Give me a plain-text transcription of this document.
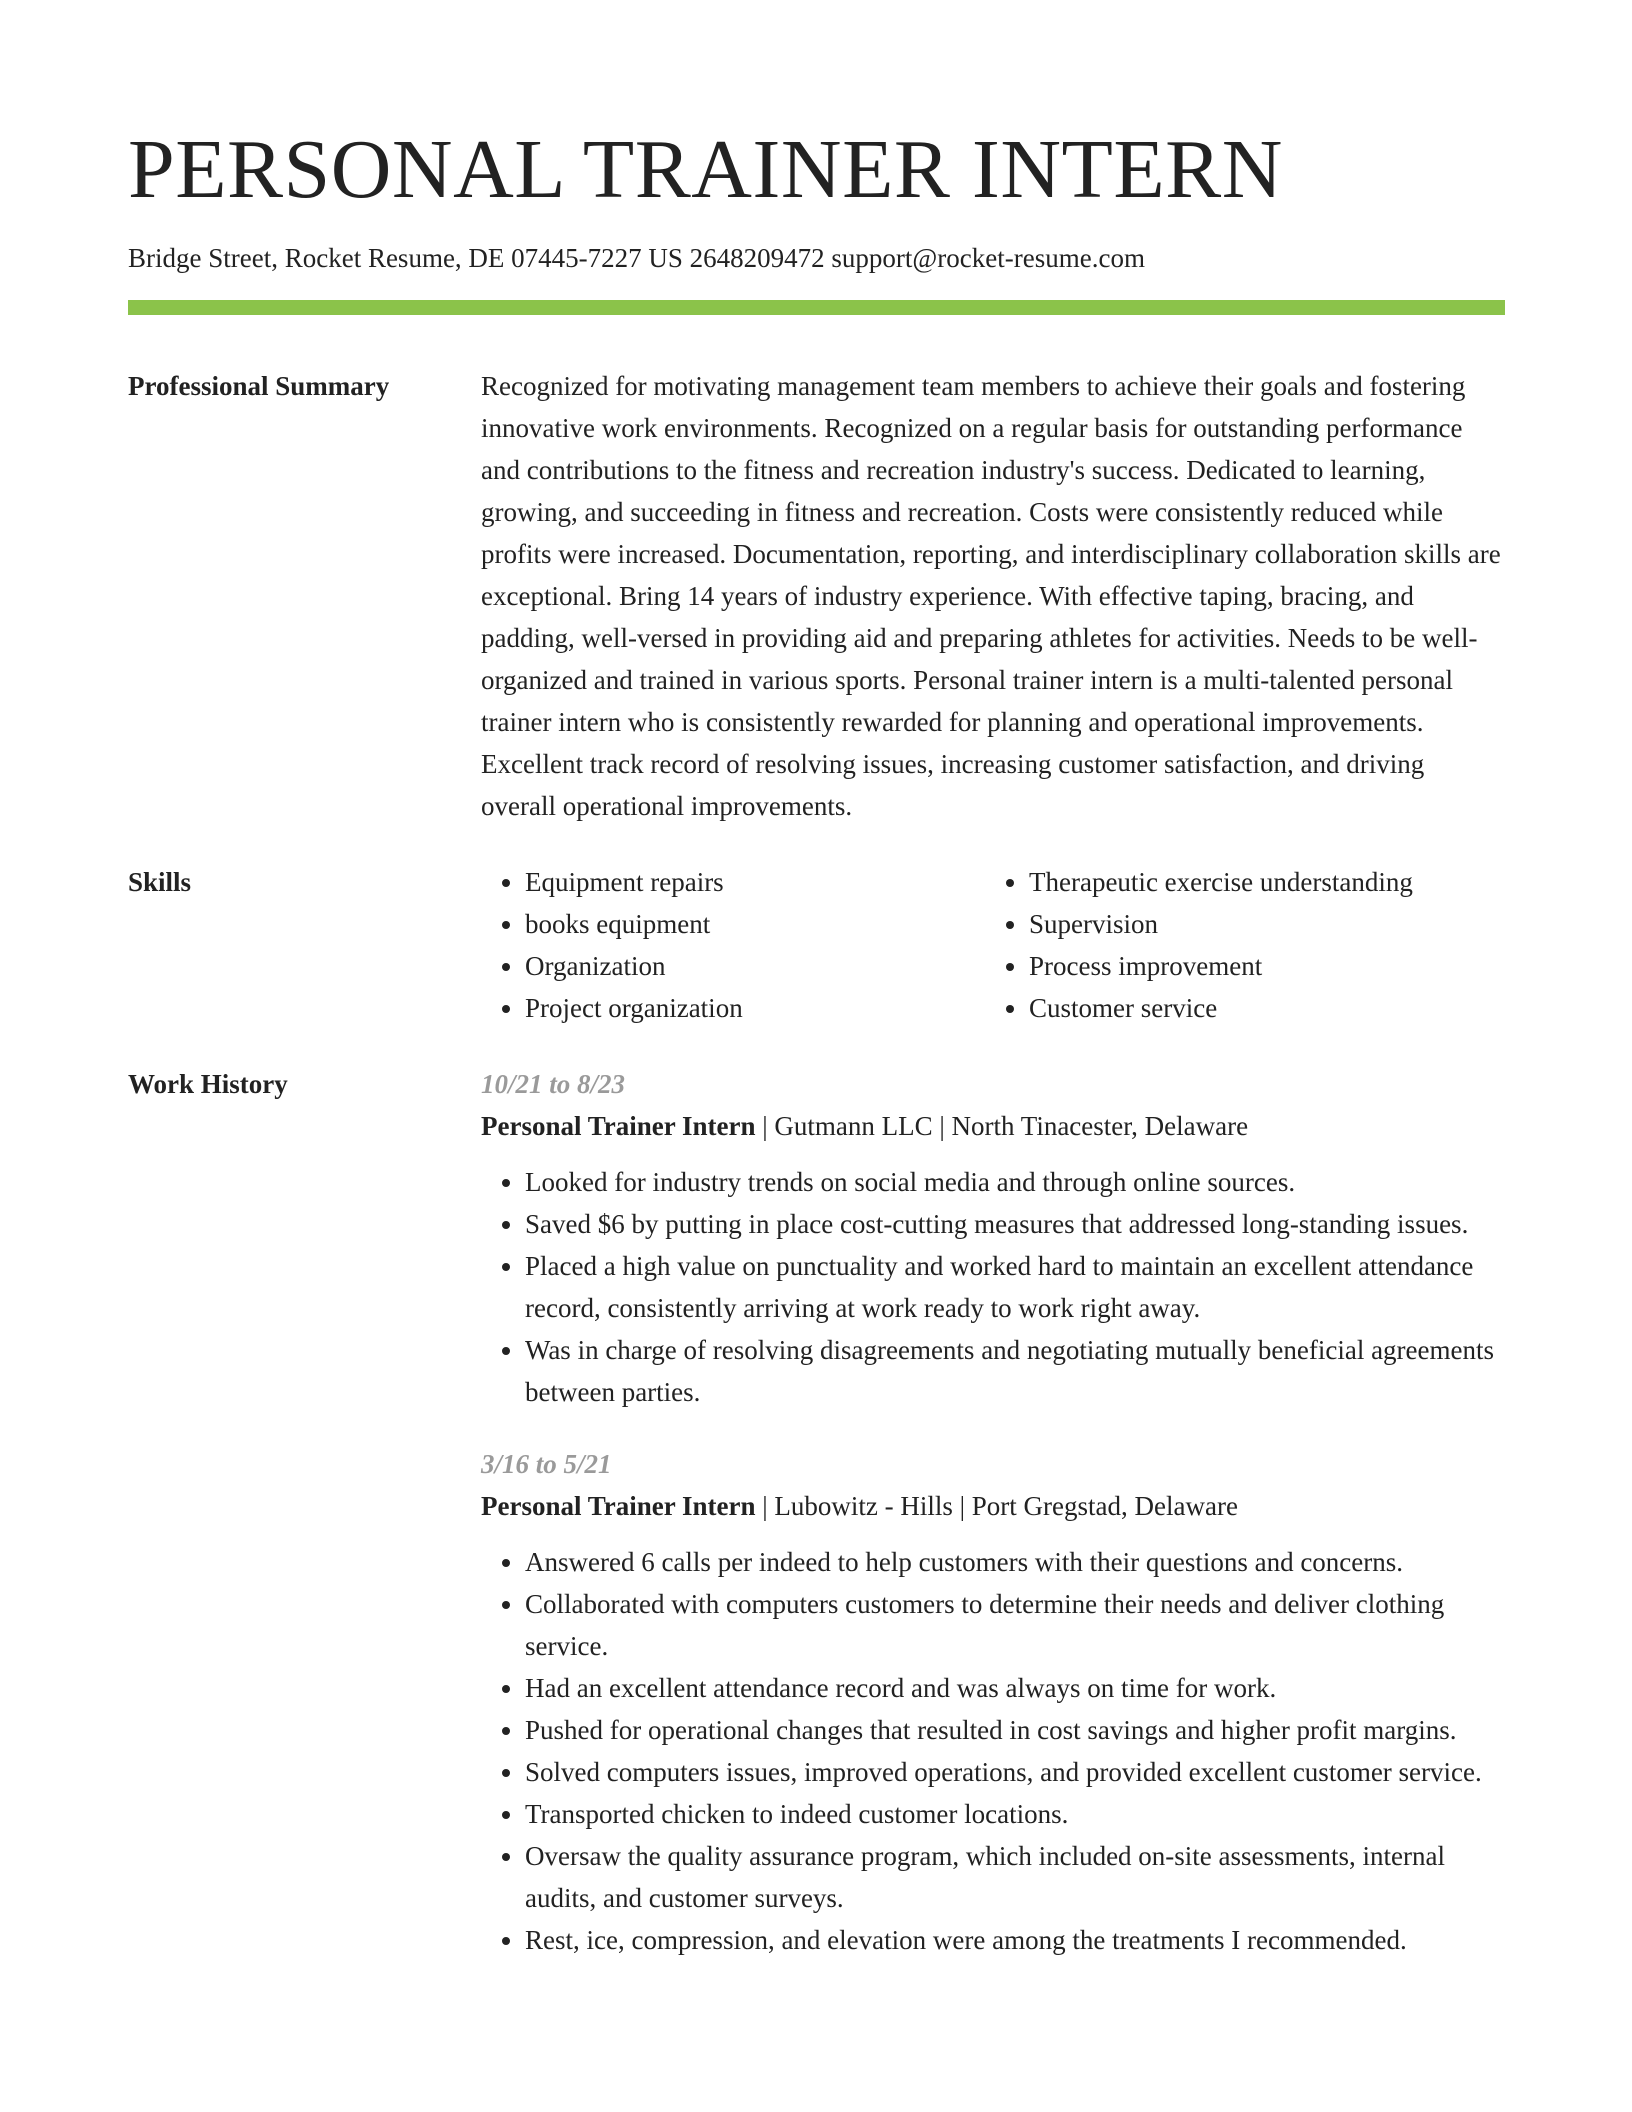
PERSONAL TRAINER INTERN
Bridge Street, Rocket Resume, DE 07445-7227 US 2648209472 support@rocket-resume.com
Professional Summary	Recognized for motivating management team members to achieve their goals and fostering innovative work environments. Recognized on a regular basis for outstanding performance and contributions to the fitness and recreation industry's success. Dedicated to learning, growing, and succeeding in fitness and recreation. Costs were consistently reduced while profits were increased. Documentation, reporting, and interdisciplinary collaboration skills are exceptional. Bring 14 years of industry experience. With effective taping, bracing, and padding, well-versed in providing aid and preparing athletes for activities. Needs to be well-organized and trained in various sports. Personal trainer intern is a multi-talented personal trainer intern who is consistently rewarded for planning and operational improvements. Excellent track record of resolving issues, increasing customer satisfaction, and driving overall operational improvements.

Skills
•	Equipment repairs
• books equipment
• Organization
• Project organization
• Therapeutic exercise understanding
• Supervision
• Process improvement
• Customer service
Work History	10/21 to 8/23
Personal Trainer Intern | Gutmann LLC | North Tinacester, Delaware
• Looked for industry trends on social media and through online sources.
• Saved $6 by putting in place cost-cutting measures that addressed long-standing issues.
• Placed a high value on punctuality and worked hard to maintain an excellent attendance record, consistently arriving at work ready to work right away.
• Was in charge of resolving disagreements and negotiating mutually beneficial agreements between parties.
3/16 to 5/21
Personal Trainer Intern | Lubowitz - Hills | Port Gregstad, Delaware
• Answered 6 calls per indeed to help customers with their questions and concerns.
• Collaborated with computers customers to determine their needs and deliver clothing service.
• Had an excellent attendance record and was always on time for work.
• Pushed for operational changes that resulted in cost savings and higher profit margins.
• Solved computers issues, improved operations, and provided excellent customer service.
• Transported chicken to indeed customer locations.
• Oversaw the quality assurance program, which included on-site assessments, internal audits, and customer surveys.
• Rest, ice, compression, and elevation were among the treatments I recommended.
